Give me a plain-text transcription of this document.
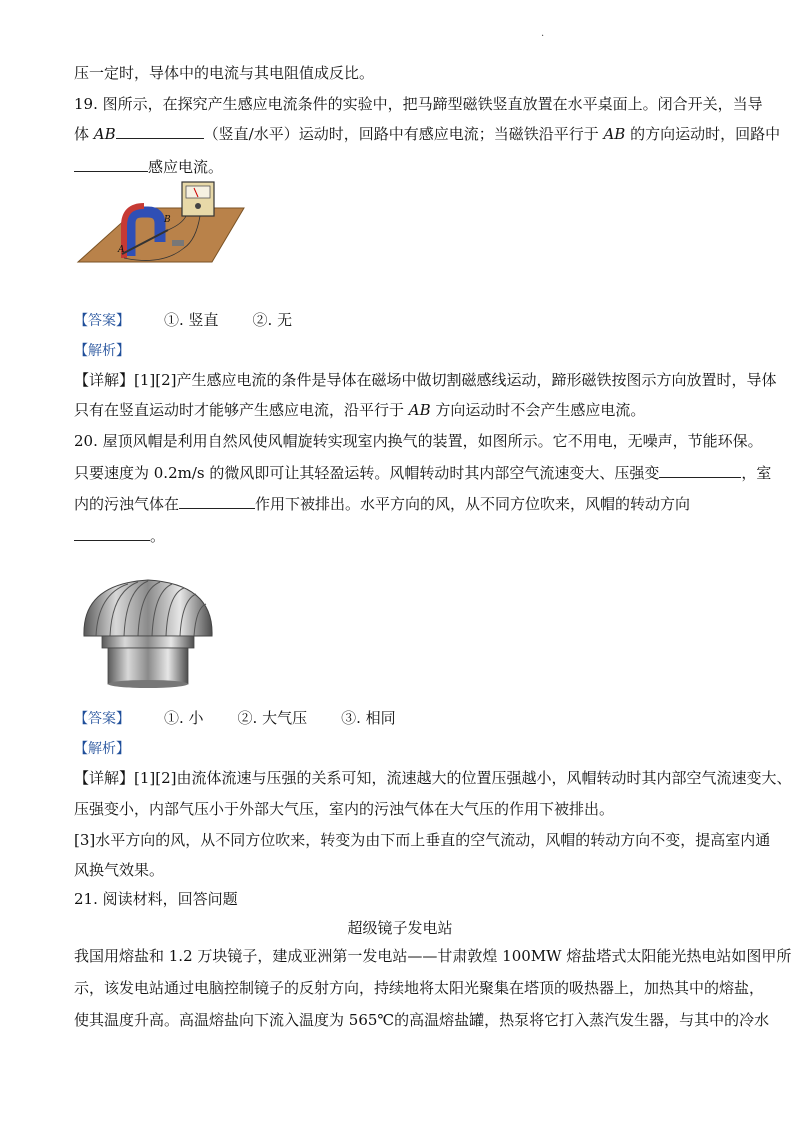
.
压一定时，导体中的电流与其电阻值成反比。
19. 图所示，在探究产生感应电流条件的实验中，把马蹄型磁铁竖直放置在水平桌面上。闭合开关，当导
体 AB	（竖直/水平）运动时，回路中有感应电流；当磁铁沿平行于 AB 的方向运动时，回路中
感应电流。
B
A
【答案】 ①. 竖直 ②. 无
【解析】
【详解】[1][2]产生感应电流的条件是导体在磁场中做切割磁感线运动，蹄形磁铁按图示方向放置时，导体
只有在竖直运动时才能够产生感应电流，沿平行于 AB 方向运动时不会产生感应电流。
20. 屋顶风帽是利用自然风使风帽旋转实现室内换气的装置，如图所示。它不用电，无噪声，节能环保。
只要速度为 0.2m/s 的微风即可让其轻盈运转。风帽转动时其内部空气流速变大、压强变	，室
内的污浊气体在	作用下被排出。水平方向的风，从不同方位吹来，风帽的转动方向
。
【答案】 ①. 小 ②. 大气压 ③. 相同
【解析】
【详解】[1][2]由流体流速与压强的关系可知，流速越大的位置压强越小，风帽转动时其内部空气流速变大、
压强变小，内部气压小于外部大气压，室内的污浊气体在大气压的作用下被排出。
[3]水平方向的风，从不同方位吹来，转变为由下而上垂直的空气流动，风帽的转动方向不变，提高室内通
风换气效果。
21. 阅读材料，回答问题
超级镜子发电站
我国用熔盐和 1.2 万块镜子，建成亚洲第一发电站——甘肃敦煌 100MW 熔盐塔式太阳能光热电站如图甲所
示，该发电站通过电脑控制镜子的反射方向，持续地将太阳光聚集在塔顶的吸热器上，加热其中的熔盐，
使其温度升高。高温熔盐向下流入温度为 565℃的高温熔盐罐，热泵将它打入蒸汽发生器，与其中的冷水
